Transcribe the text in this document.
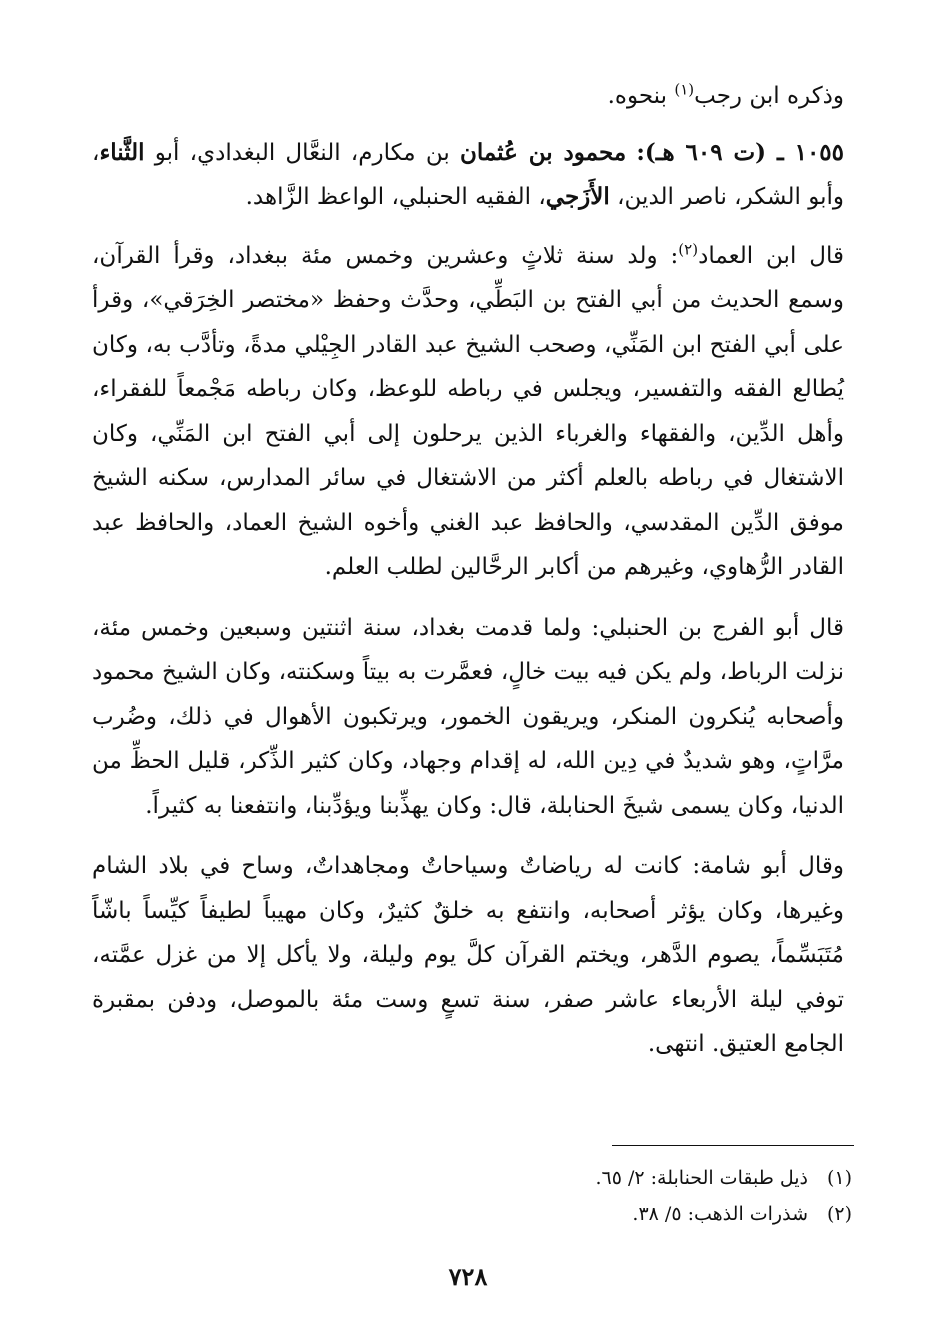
وذكره ابن رجب$^{(١)}$ بنحوه.

١٠٥٥ ـ (ت ٦٠٩ هـ): محمود بن عُثمان بن مكارم، النعَّال البغدادي، أبو الثَّناء، وأبو الشكر، ناصر الدين، الأَزَجي، الفقيه الحنبلي، الواعظ الزَّاهد.

قال ابن العماد$^{(٢)}$: ولد سنة ثلاثٍ وعشرين وخمس مئة ببغداد، وقرأ القرآن، وسمع الحديث من أبي الفتح بن البَطِّي، وحدَّث وحفظ «مختصر الخِرَقي»، وقرأ على أبي الفتح ابن المَنِّي، وصحب الشيخ عبد القادر الجِيْلي مدةً، وتأدَّب به، وكان يُطالع الفقه والتفسير، ويجلس في رباطه للوعظ، وكان رباطه مَجْمعاً للفقراء، وأهل الدِّين، والفقهاء والغرباء الذين يرحلون إلى أبي الفتح ابن المَنِّي، وكان الاشتغال في رباطه بالعلم أكثر من الاشتغال في سائر المدارس، سكنه الشيخ موفق الدِّين المقدسي، والحافظ عبد الغني وأخوه الشيخ العماد، والحافظ عبد القادر الرُّهاوي، وغيرهم من أكابر الرحَّالين لطلب العلم.

قال أبو الفرج بن الحنبلي: ولما قدمت بغداد، سنة اثنتين وسبعين وخمس مئة، نزلت الرباط، ولم يكن فيه بيت خالٍ، فعمَّرت به بيتاً وسكنته، وكان الشيخ محمود وأصحابه يُنكرون المنكر، ويريقون الخمور، ويرتكبون الأهوال في ذلك، وضُرب مرَّاتٍ، وهو شديدٌ في دِين الله، له إقدام وجهاد، وكان كثير الذِّكر، قليل الحظِّ من الدنيا، وكان يسمى شيخَ الحنابلة، قال: وكان يهذِّبنا ويؤدِّبنا، وانتفعنا به كثيراً.

وقال أبو شامة: كانت له رياضاتٌ وسياحاتٌ ومجاهداتٌ، وساح في بلاد الشام وغيرها، وكان يؤثر أصحابه، وانتفع به خلقٌ كثيرٌ، وكان مهيباً لطيفاً كيِّساً باشّاً مُتَبَسِّماً، يصوم الدَّهر، ويختم القرآن كلَّ يوم وليلة، ولا يأكل إلا من غزل عمَّته، توفي ليلة الأربعاء عاشر صفر، سنة تسعٍ وست مئة بالموصل، ودفن بمقبرة الجامع العتيق. انتهى.

(١)ذيل طبقات الحنابلة: ٢/ ٦٥.

(٢)شذرات الذهب: ٥/ ٣٨.

٧٢٨
